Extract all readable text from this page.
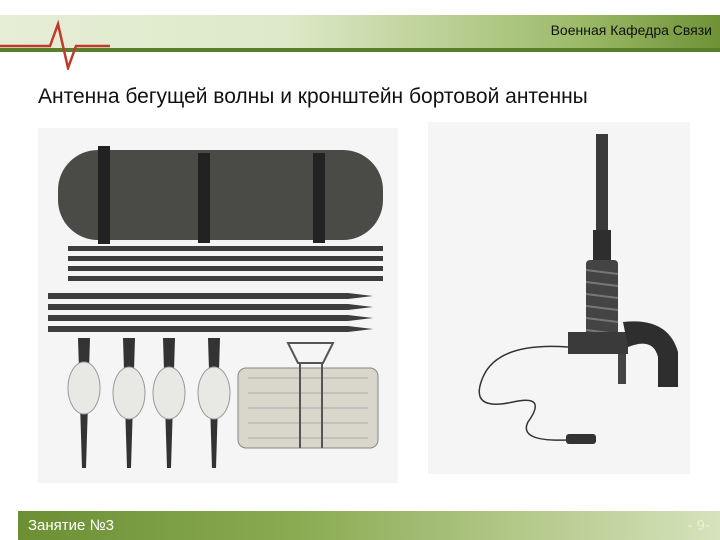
Военная Кафедра Связи
Антенна бегущей волны и кронштейн бортовой антенны
Занятие №3	- 9-
